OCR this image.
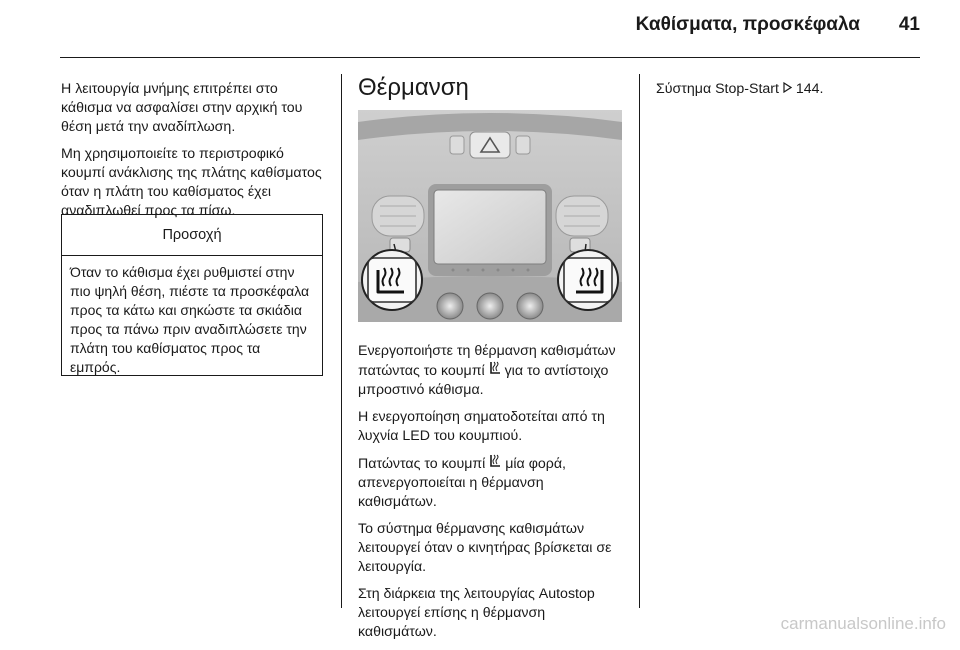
Καθίσματα, προσκέφαλα	41

Η λειτουργία μνήμης επιτρέπει στο κάθισμα να ασφαλίσει στην αρχική του θέση μετά την αναδίπλωση.

Μη χρησιμοποιείτε το περιστροφικό κουμπί ανάκλισης της πλάτης καθίσματος όταν η πλάτη του καθίσματος έχει αναδιπλωθεί προς τα πίσω.

Προσοχή
Όταν το κάθισμα έχει ρυθμιστεί στην πιο ψηλή θέση, πιέστε τα προσκέφαλα προς τα κάτω και σηκώστε τα σκιάδια προς τα πάνω πριν αναδιπλώσετε την πλάτη του καθίσματος προς τα εμπρός.
Θέρμανση

Ενεργοποιήστε τη θέρμανση καθισμάτων πατώντας το κουμπί  για το αντίστοιχο μπροστινό κάθισμα.

Η ενεργοποίηση σηματοδοτείται από τη λυχνία LED του κουμπιού.

Πατώντας το κουμπί  μία φορά, απενεργοποιείται η θέρμανση καθισμάτων.

Το σύστημα θέρμανσης καθισμάτων λειτουργεί όταν ο κινητήρας βρίσκεται σε λειτουργία.

Στη διάρκεια της λειτουργίας Autostop λειτουργεί επίσης η θέρμανση καθισμάτων.

Σύστημα Stop-Start 144.

carmanualsonline.info
